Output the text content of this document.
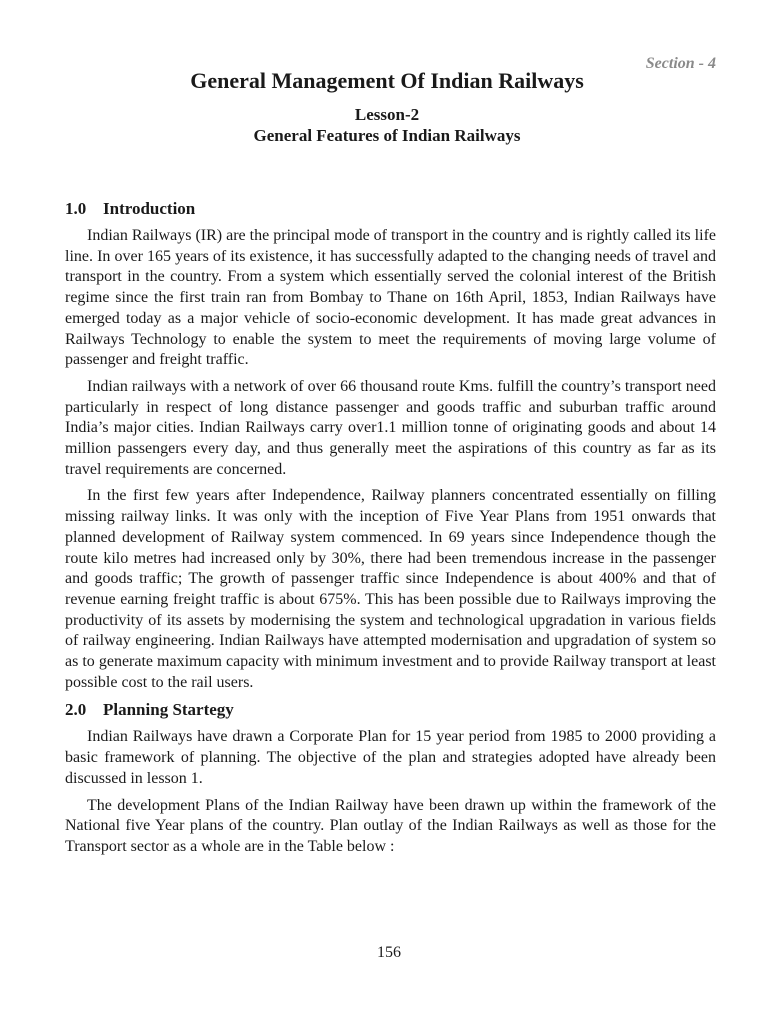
Section - 4
General Management Of Indian Railways
Lesson-2
General Features of Indian Railways
1.0 Introduction

Indian Railways (IR) are the principal mode of transport in the country and is rightly called its life line. In over 165 years of its existence, it has successfully adapted to the changing needs of travel and transport in the country. From a system which essentially served the colonial interest of the British regime since the first train ran from Bombay to Thane on 16th April, 1853, Indian Railways have emerged today as a major vehicle of socio-economic development. It has made great advances in Railways Technology to enable the system to meet the requirements of moving large volume of passenger and freight traffic.

Indian railways with a network of over 66 thousand route Kms. fulfill the country’s transport need particularly in respect of long distance passenger and goods traffic and suburban traffic around India’s major cities. Indian Railways carry over1.1 million tonne of originating goods and about 14 million passengers every day, and thus generally meet the aspirations of this country as far as its travel requirements are concerned.

In the first few years after Independence, Railway planners concentrated essentially on filling missing railway links. It was only with the inception of Five Year Plans from 1951 onwards that planned development of Railway system commenced. In 69 years since Independence though the route kilo metres had increased only by 30%, there had been tremendous increase in the passenger and goods traffic; The growth of passenger traffic since Independence is about 400% and that of revenue earning freight traffic is about 675%. This has been possible due to Railways improving the productivity of its assets by modernising the system and technological upgradation in various fields of railway engineering. Indian Railways have attempted modernisation and upgradation of system so as to generate maximum capacity with minimum investment and to provide Railway transport at least possible cost to the rail users.

2.0 Planning Startegy

Indian Railways have drawn a Corporate Plan for 15 year period from 1985 to 2000 providing a basic framework of planning. The objective of the plan and strategies adopted have already been discussed in lesson 1.

The development Plans of the Indian Railway have been drawn up within the framework of the National five Year plans of the country. Plan outlay of the Indian Railways as well as those for the Transport sector as a whole are in the Table below :

156
